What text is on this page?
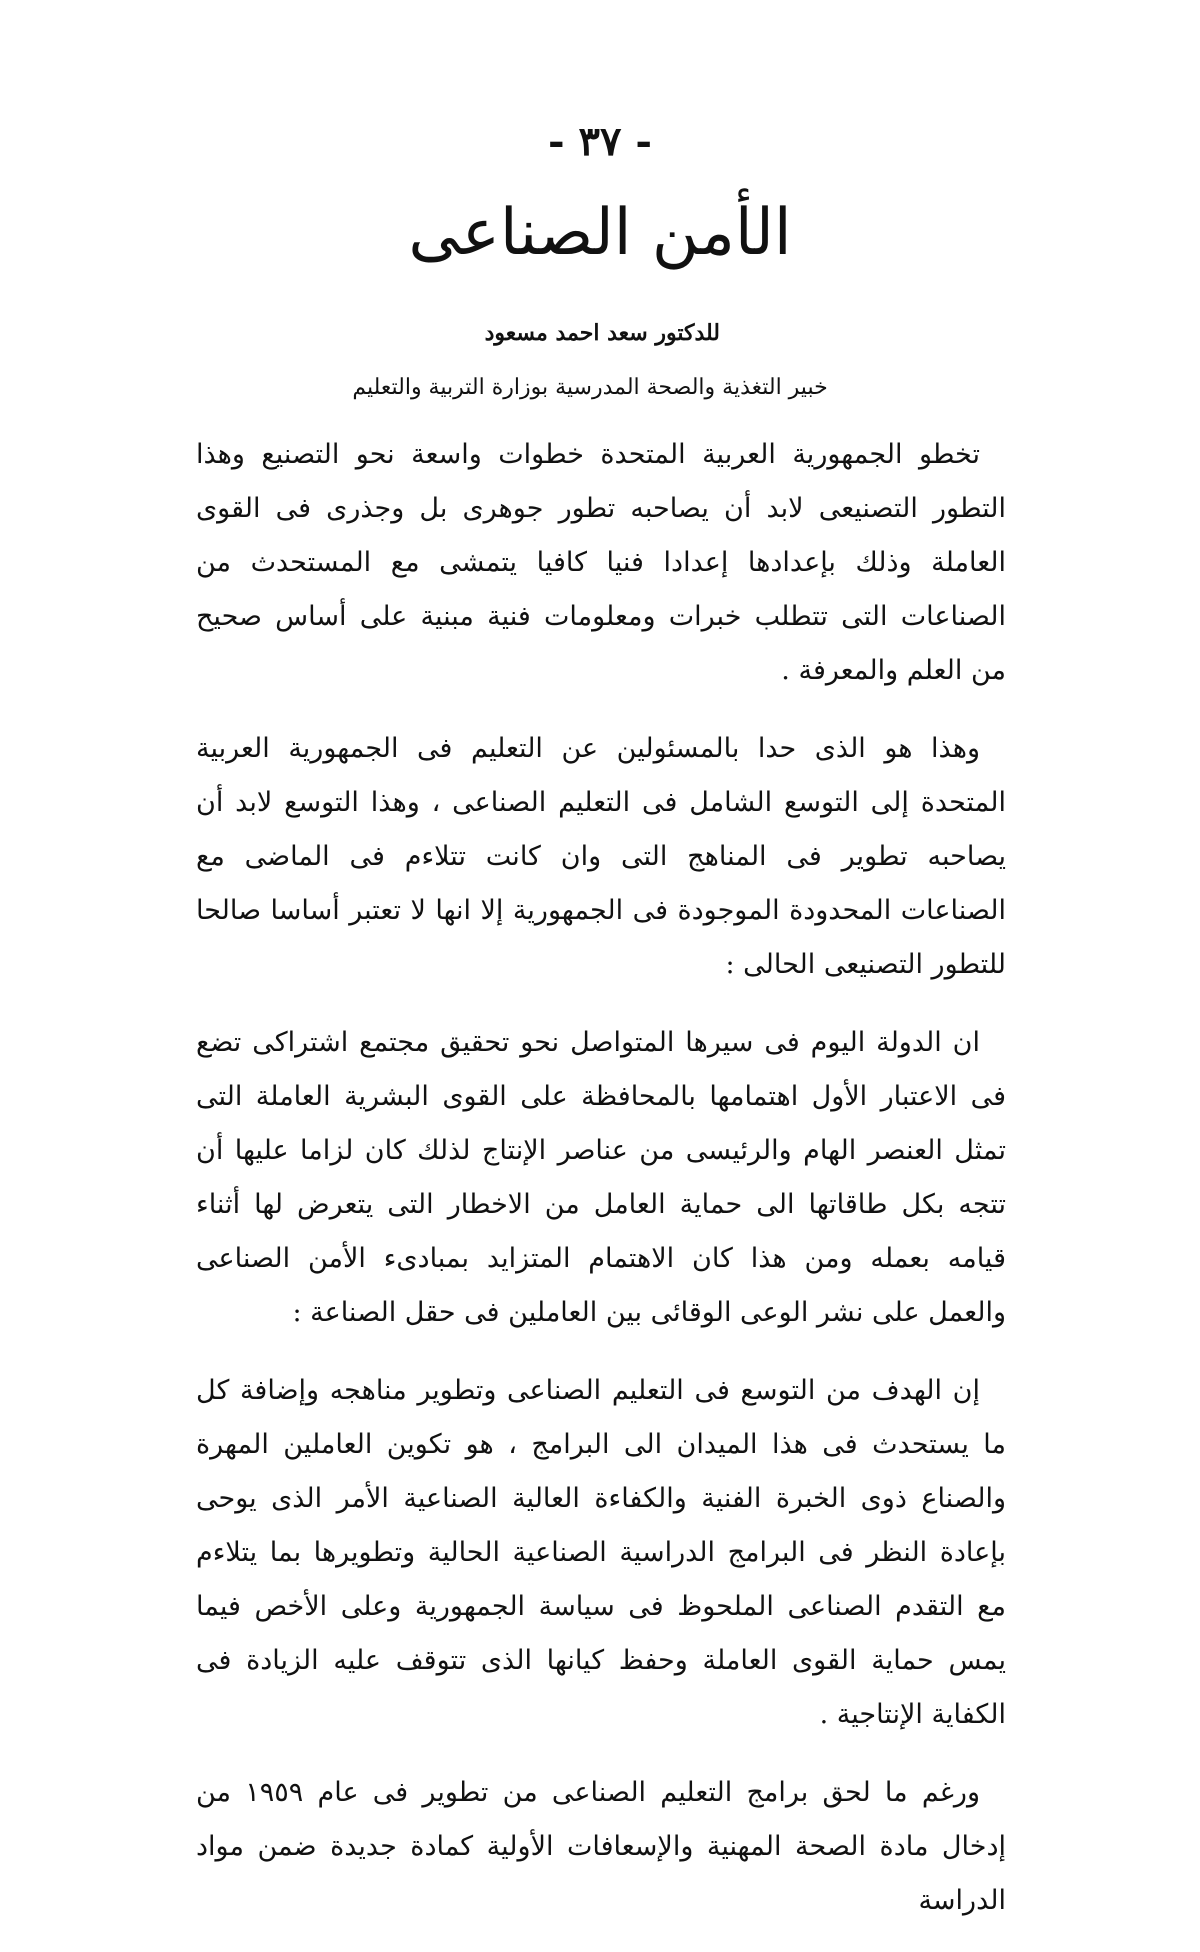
- ٣٧ -
الأمن الصناعى
للدكتور سعد احمد مسعود
خبير التغذية والصحة المدرسية بوزارة التربية والتعليم

تخطو الجمهورية العربية المتحدة خطوات واسعة نحو التصنيع وهذا التطور التصنيعى لابد أن يصاحبه تطور جوهرى بل وجذرى فى القوى العاملة وذلك بإعدادها إعدادا فنيا كافيا يتمشى مع المستحدث من الصناعات التى تتطلب خبرات ومعلومات فنية مبنية على أساس صحيح من العلم والمعرفة .

وهذا هو الذى حدا بالمسئولين عن التعليم فى الجمهورية العربية المتحدة إلى التوسع الشامل فى التعليم الصناعى ، وهذا التوسع لابد أن يصاحبه تطوير فى المناهج التى وان كانت تتلاءم فى الماضى مع الصناعات المحدودة الموجودة فى الجمهورية إلا انها لا تعتبر أساسا صالحا للتطور التصنيعى الحالى :

ان الدولة اليوم فى سيرها المتواصل نحو تحقيق مجتمع اشتراكى تضع فى الاعتبار الأول اهتمامها بالمحافظة على القوى البشرية العاملة التى تمثل العنصر الهام والرئيسى من عناصر الإنتاج لذلك كان لزاما عليها أن تتجه بكل طاقاتها الى حماية العامل من الاخطار التى يتعرض لها أثناء قيامه بعمله ومن هذا كان الاهتمام المتزايد بمبادىء الأمن الصناعى والعمل على نشر الوعى الوقائى بين العاملين فى حقل الصناعة :

إن الهدف من التوسع فى التعليم الصناعى وتطوير مناهجه وإضافة كل ما يستحدث فى هذا الميدان الى البرامج ، هو تكوين العاملين المهرة والصناع ذوى الخبرة الفنية والكفاءة العالية الصناعية الأمر الذى يوحى بإعادة النظر فى البرامج الدراسية الصناعية الحالية وتطويرها بما يتلاءم مع التقدم الصناعى الملحوظ فى سياسة الجمهورية وعلى الأخص فيما يمس حماية القوى العاملة وحفظ كيانها الذى تتوقف عليه الزيادة فى الكفاية الإنتاجية .

ورغم ما لحق برامج التعليم الصناعى من تطوير فى عام ١٩٥٩ من إدخال مادة الصحة المهنية والإسعافات الأولية كمادة جديدة ضمن مواد الدراسة
